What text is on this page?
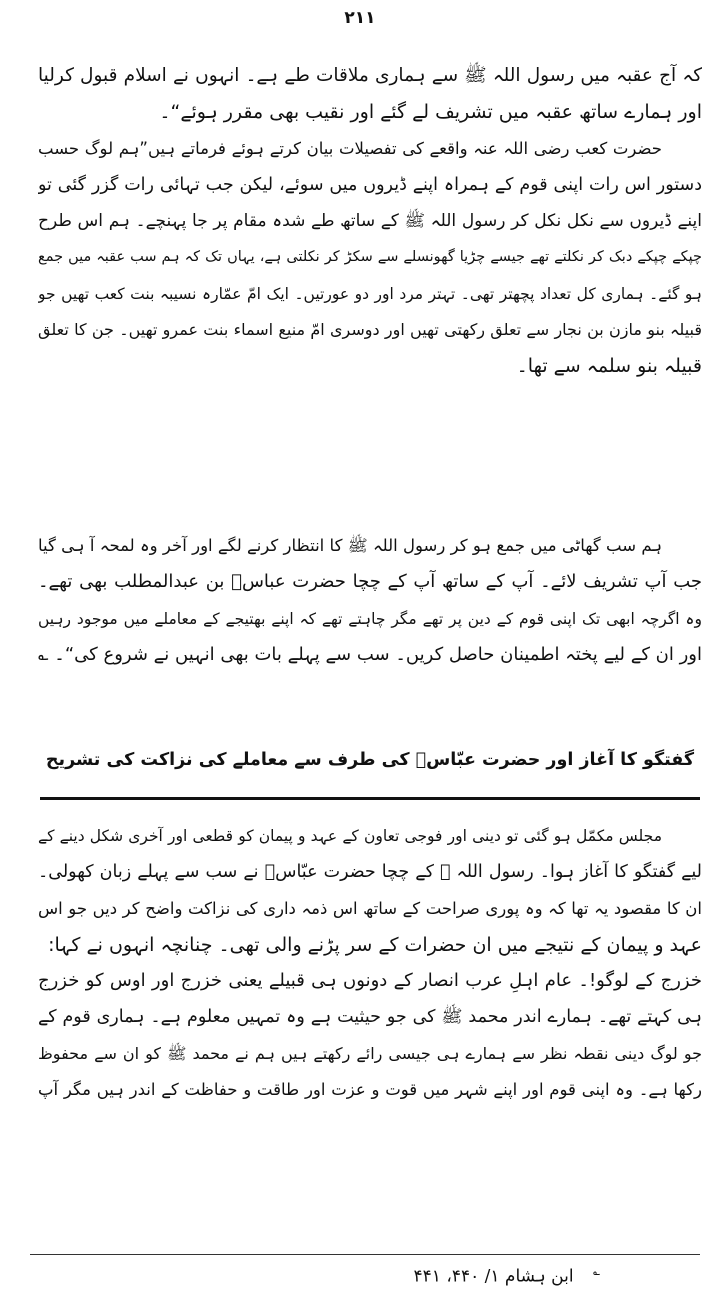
۲۱۱
کہ آج عقبہ میں رسول اللہ ﷺ سے ہماری ملاقات طے ہے۔ انہوں نے اسلام قبول کرلیا
اور ہمارے ساتھ عقبہ میں تشریف لے گئے اور نقیب بھی مقرر ہوئے“۔
حضرت کعب رضی اللہ عنہ واقعے کی تفصیلات بیان کرتے ہوئے فرماتے ہیں”ہم لوگ حسب
دستور اس رات اپنی قوم کے ہمراہ اپنے ڈیروں میں سوئے، لیکن جب تہائی رات گزر گئی تو
اپنے ڈیروں سے نکل نکل کر رسول اللہ ﷺ کے ساتھ طے شدہ مقام پر جا پہنچے۔ ہم اس طرح
چپکے چپکے دبک کر نکلتے تھے جیسے چڑیا گھونسلے سے سکڑ کر نکلتی ہے، یہاں تک کہ ہم سب عقبہ میں جمع
ہو گئے۔ ہماری کل تعداد پچھتر تھی۔ تہتر مرد اور دو عورتیں۔ ایک امّ عمّارہ نسیبہ بنت کعب تھیں جو
قبیلہ بنو مازن بن نجار سے تعلق رکھتی تھیں اور دوسری امّ منیع اسماء بنت عمرو تھیں۔ جن کا تعلق
قبیلہ بنو سلمہ سے تھا۔
ہم سب گھاٹی میں جمع ہو کر رسول اللہ ﷺ کا انتظار کرنے لگے اور آخر وہ لمحہ آ ہی گیا
جب آپ تشریف لائے۔ آپ کے ساتھ آپ کے چچا حضرت عباسؓ بن عبدالمطلب بھی تھے۔
وہ اگرچہ ابھی تک اپنی قوم کے دین پر تھے مگر چاہتے تھے کہ اپنے بھتیجے کے معاملے میں موجود رہیں
اور ان کے لیے پختہ اطمینان حاصل کریں۔ سب سے پہلے بات بھی انہیں نے شروع کی“۔ ؎
گفتگو کا آغاز اور حضرت عبّاسؓ کی طرف سے معاملے کی نزاکت کی تشریح
مجلس مکمّل ہو گئی تو دینی اور فوجی تعاون کے عہد و پیمان کو قطعی اور آخری شکل دینے کے
لیے گفتگو کا آغاز ہوا۔ رسول اللہ ﷺ کے چچا حضرت عبّاسؓ نے سب سے پہلے زبان کھولی۔
ان کا مقصود یہ تھا کہ وہ پوری صراحت کے ساتھ اس ذمہ داری کی نزاکت واضح کر دیں جو اس
عہد و پیمان کے نتیجے میں ان حضرات کے سر پڑنے والی تھی۔ چنانچہ انہوں نے کہا:
خزرج کے لوگو!۔ عام اہلِ عرب انصار کے دونوں ہی قبیلے یعنی خزرج اور اوس کو خزرج
ہی کہتے تھے۔ ہمارے اندر محمد ﷺ کی جو حیثیت ہے وہ تمہیں معلوم ہے۔ ہماری قوم کے
جو لوگ دینی نقطہ نظر سے ہمارے ہی جیسی رائے رکھتے ہیں ہم نے محمد ﷺ کو ان سے محفوظ
رکھا ہے۔ وہ اپنی قوم اور اپنے شہر میں قوت و عزت اور طاقت و حفاظت کے اندر ہیں مگر آپ
؎ ابن ہشام ۱/ ۴۴۰، ۴۴۱
